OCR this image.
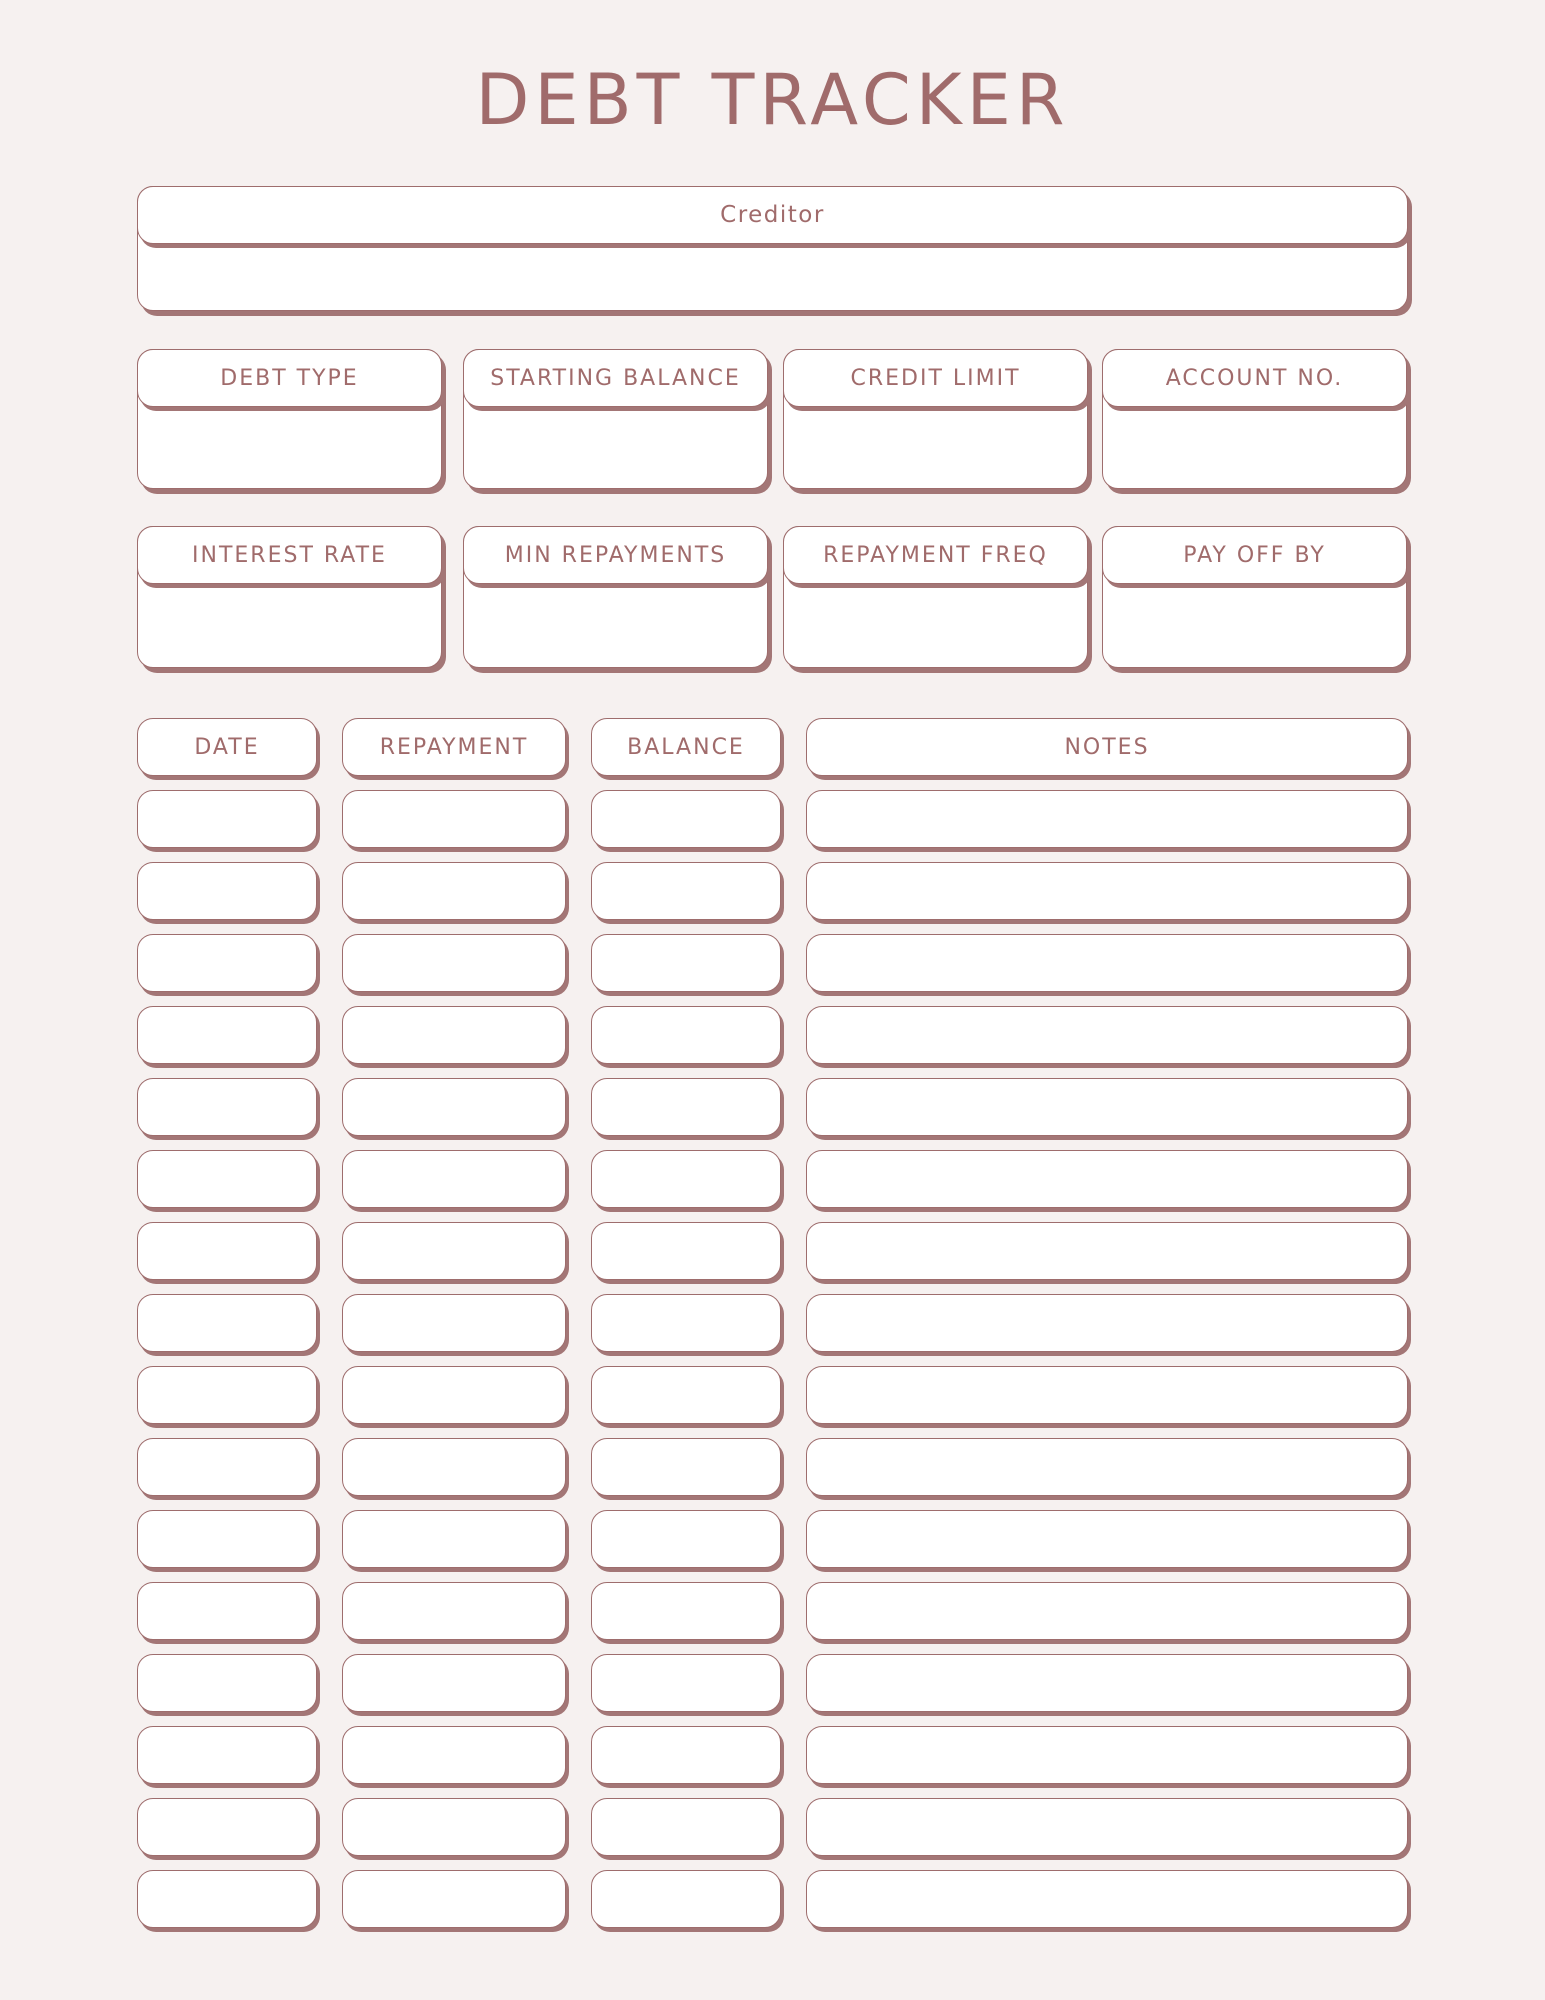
DEBT TRACKER
Creditor
DEBT TYPE	STARTING BALANCE	CREDIT LIMIT	ACCOUNT NO.
INTEREST RATE	MIN REPAYMENTS	REPAYMENT FREQ	PAY OFF BY
DATE	REPAYMENT	BALANCE	NOTES
